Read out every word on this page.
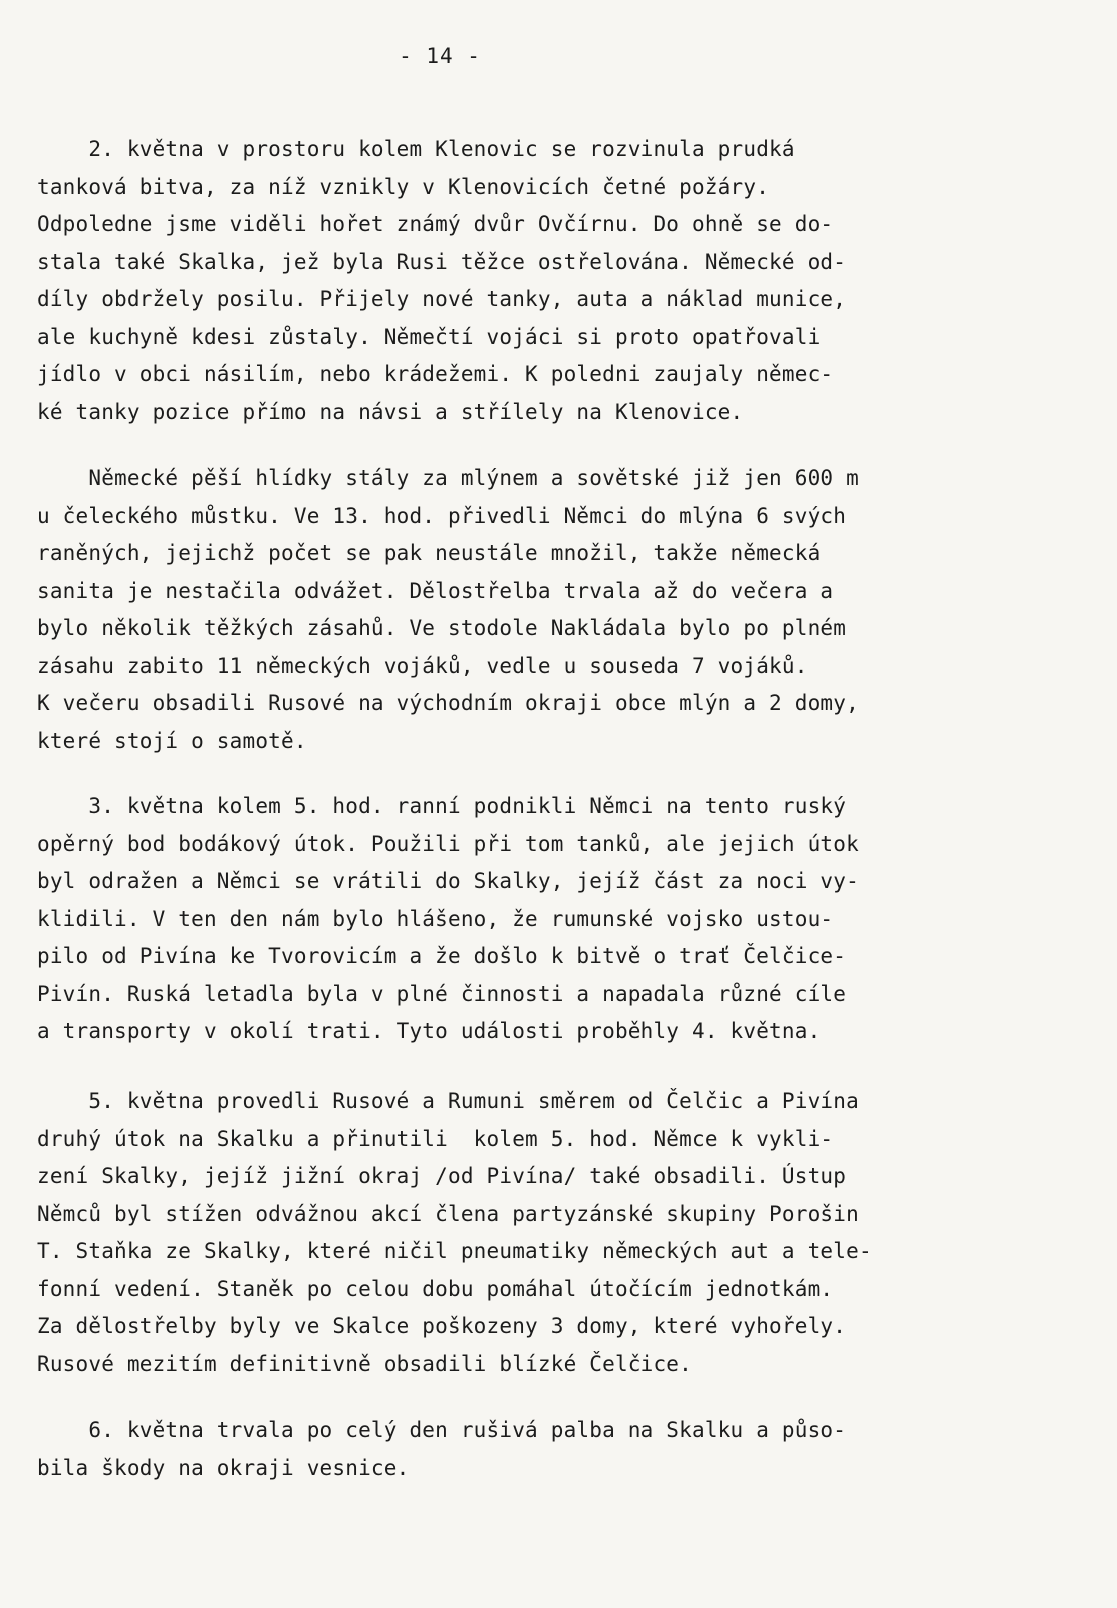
- 14 -
2. května v prostoru kolem Klenovic se rozvinula prudká
tanková bitva, za níž vznikly v Klenovicích četné požáry.
Odpoledne jsme viděli hořet známý dvůr Ovčírnu. Do ohně se do-
stala také Skalka, jež byla Rusi těžce ostřelována. Německé od-
díly obdržely posilu. Přijely nové tanky, auta a náklad munice,
ale kuchyně kdesi zůstaly. Němečtí vojáci si proto opatřovali
jídlo v obci násilím, nebo krádežemi. K poledni zaujaly němec-
ké tanky pozice přímo na návsi a střílely na Klenovice.
Německé pěší hlídky stály za mlýnem a sovětské již jen 600 m
u čeleckého můstku. Ve 13. hod. přivedli Němci do mlýna 6 svých
raněných, jejichž počet se pak neustále množil, takže německá
sanita je nestačila odvážet. Dělostřelba trvala až do večera a
bylo několik těžkých zásahů. Ve stodole Nakládala bylo po plném
zásahu zabito 11 německých vojáků, vedle u souseda 7 vojáků.
K večeru obsadili Rusové na východním okraji obce mlýn a 2 domy,
které stojí o samotě.
3. května kolem 5. hod. ranní podnikli Němci na tento ruský
opěrný bod bodákový útok. Použili při tom tanků, ale jejich útok
byl odražen a Němci se vrátili do Skalky, jejíž část za noci vy-
klidili. V ten den nám bylo hlášeno, že rumunské vojsko ustou-
pilo od Pivína ke Tvorovicím a že došlo k bitvě o trať Čelčice-
Pivín. Ruská letadla byla v plné činnosti a napadala různé cíle
a transporty v okolí trati. Tyto události proběhly 4. května.
5. května provedli Rusové a Rumuni směrem od Čelčic a Pivína
druhý útok na Skalku a přinutili  kolem 5. hod. Němce k vykli-
zení Skalky, jejíž jižní okraj /od Pivína/ také obsadili. Ústup
Němců byl stížen odvážnou akcí člena partyzánské skupiny Porošin
T. Staňka ze Skalky, které ničil pneumatiky německých aut a tele-
fonní vedení. Staněk po celou dobu pomáhal útočícím jednotkám.
Za dělostřelby byly ve Skalce poškozeny 3 domy, které vyhořely.
Rusové mezitím definitivně obsadili blízké Čelčice.
6. května trvala po celý den rušivá palba na Skalku a půso-
bila škody na okraji vesnice.
